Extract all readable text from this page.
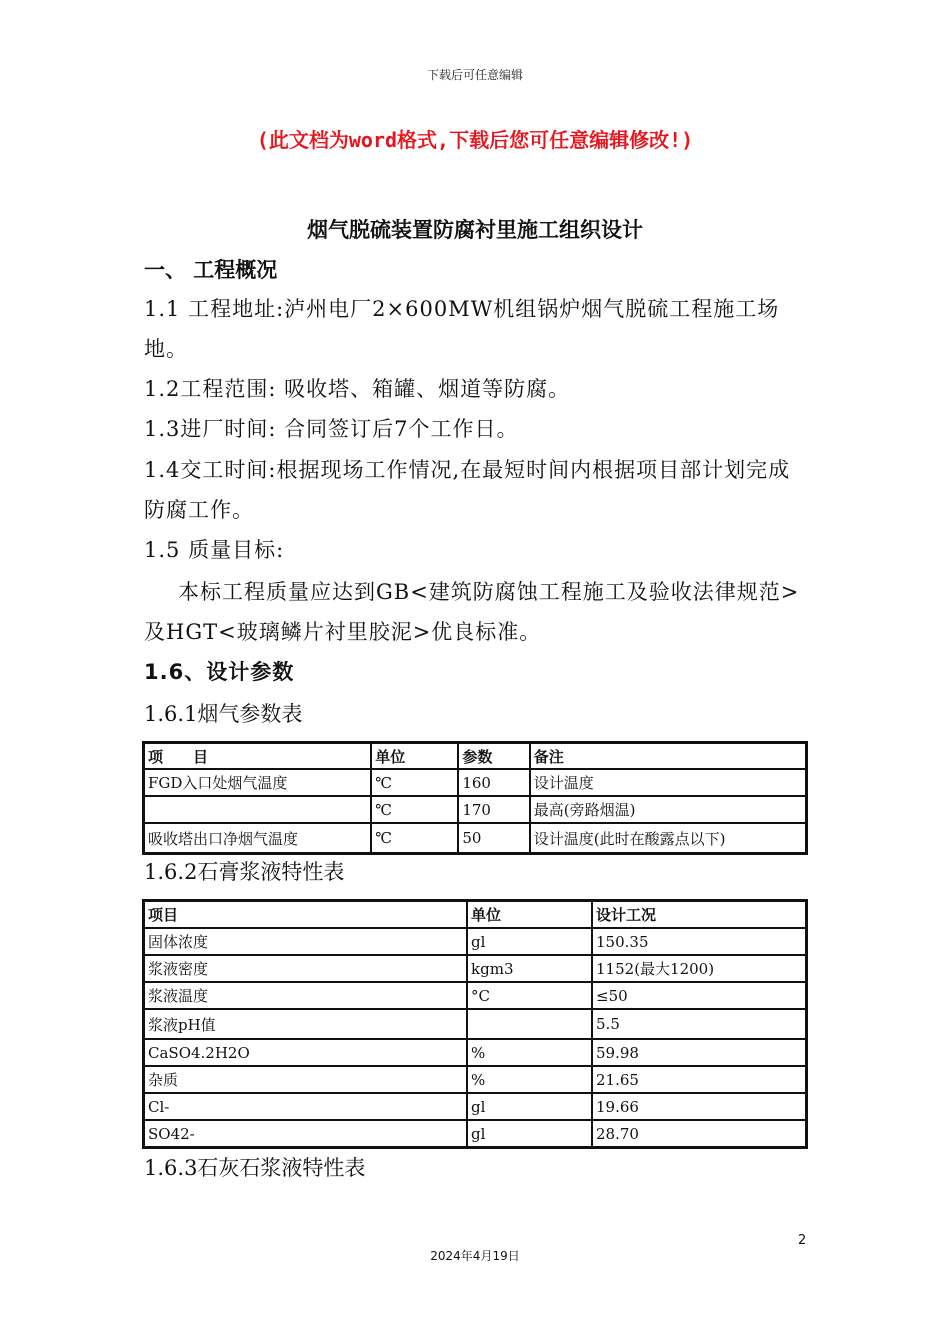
下载后可任意编辑
(此文档为word格式,下载后您可任意编辑修改!)
烟气脱硫装置防腐衬里施工组织设计
一、 工程概况
1.1 工程地址:泸州电厂2×600MW机组锅炉烟气脱硫工程施工场地。
1.2工程范围: 吸收塔、箱罐、烟道等防腐。
1.3进厂时间: 合同签订后7个工作日。
1.4交工时间:根据现场工作情况,在最短时间内根据项目部计划完成防腐工作。
1.5 质量目标:
本标工程质量应达到GB<建筑防腐蚀工程施工及验收法律规范>及HGT<玻璃鳞片衬里胶泥>优良标准。
1.6、设计参数
1.6.1烟气参数表
项　　目	单位	参数	备注
FGD入口处烟气温度	℃	160	设计温度
	℃	170	最高(旁路烟温)
吸收塔出口净烟气温度	℃	50	设计温度(此时在酸露点以下)
1.6.2石膏浆液特性表
项目	单位	设计工况
固体浓度	gl	150.35
浆液密度	kgm3	1152(最大1200)
浆液温度	°C	≤50
浆液pH值		5.5
CaSO4.2H2O	%	59.98
杂质	%	21.65
Cl-	gl	19.66
SO42-	gl	28.70
1.6.3石灰石浆液特性表
2
2024年4月19日
